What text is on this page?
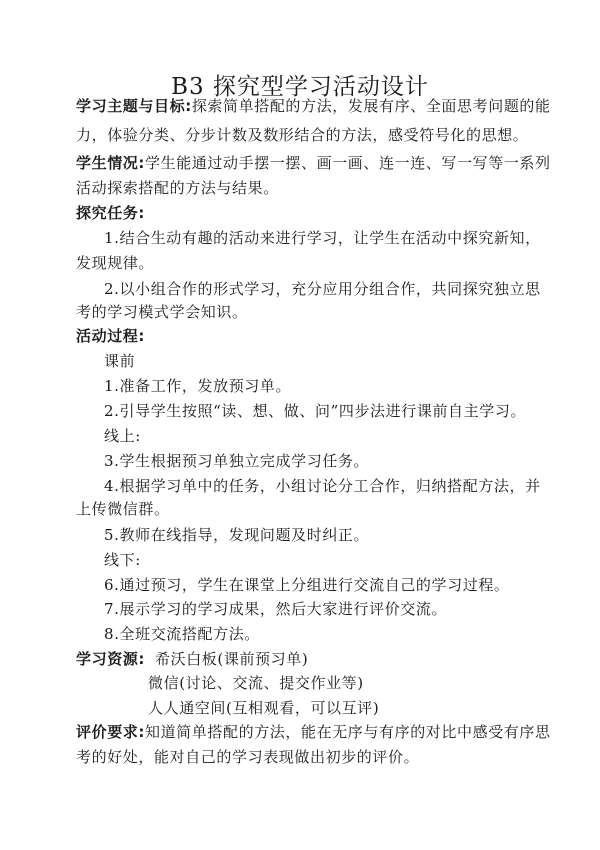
B3 探究型学习活动设计
学习主题与目标:探索简单搭配的方法，发展有序、全面思考问题的能
力，体验分类、分步计数及数形结合的方法，感受符号化的思想。
学生情况:学生能通过动手摆一摆、画一画、连一连、写一写等一系列
活动探索搭配的方法与结果。
探究任务:
1.结合生动有趣的活动来进行学习，让学生在活动中探究新知，
发现规律。
2.以小组合作的形式学习，充分应用分组合作，共同探究独立思
考的学习模式学会知识。
活动过程:
课前
1.准备工作，发放预习单。
2.引导学生按照“读、想、做、问”四步法进行课前自主学习。
线上:
3.学生根据预习单独立完成学习任务。
4.根据学习单中的任务，小组讨论分工合作，归纳搭配方法，并
上传微信群。
5.教师在线指导，发现问题及时纠正。
线下:
6.通过预习，学生在课堂上分组进行交流自己的学习过程。
7.展示学习的学习成果，然后大家进行评价交流。
8.全班交流搭配方法。
学习资源: 希沃白板(课前预习单)
微信(讨论、交流、提交作业等)
人人通空间(互相观看，可以互评)
评价要求:知道简单搭配的方法，能在无序与有序的对比中感受有序思
考的好处，能对自己的学习表现做出初步的评价。
